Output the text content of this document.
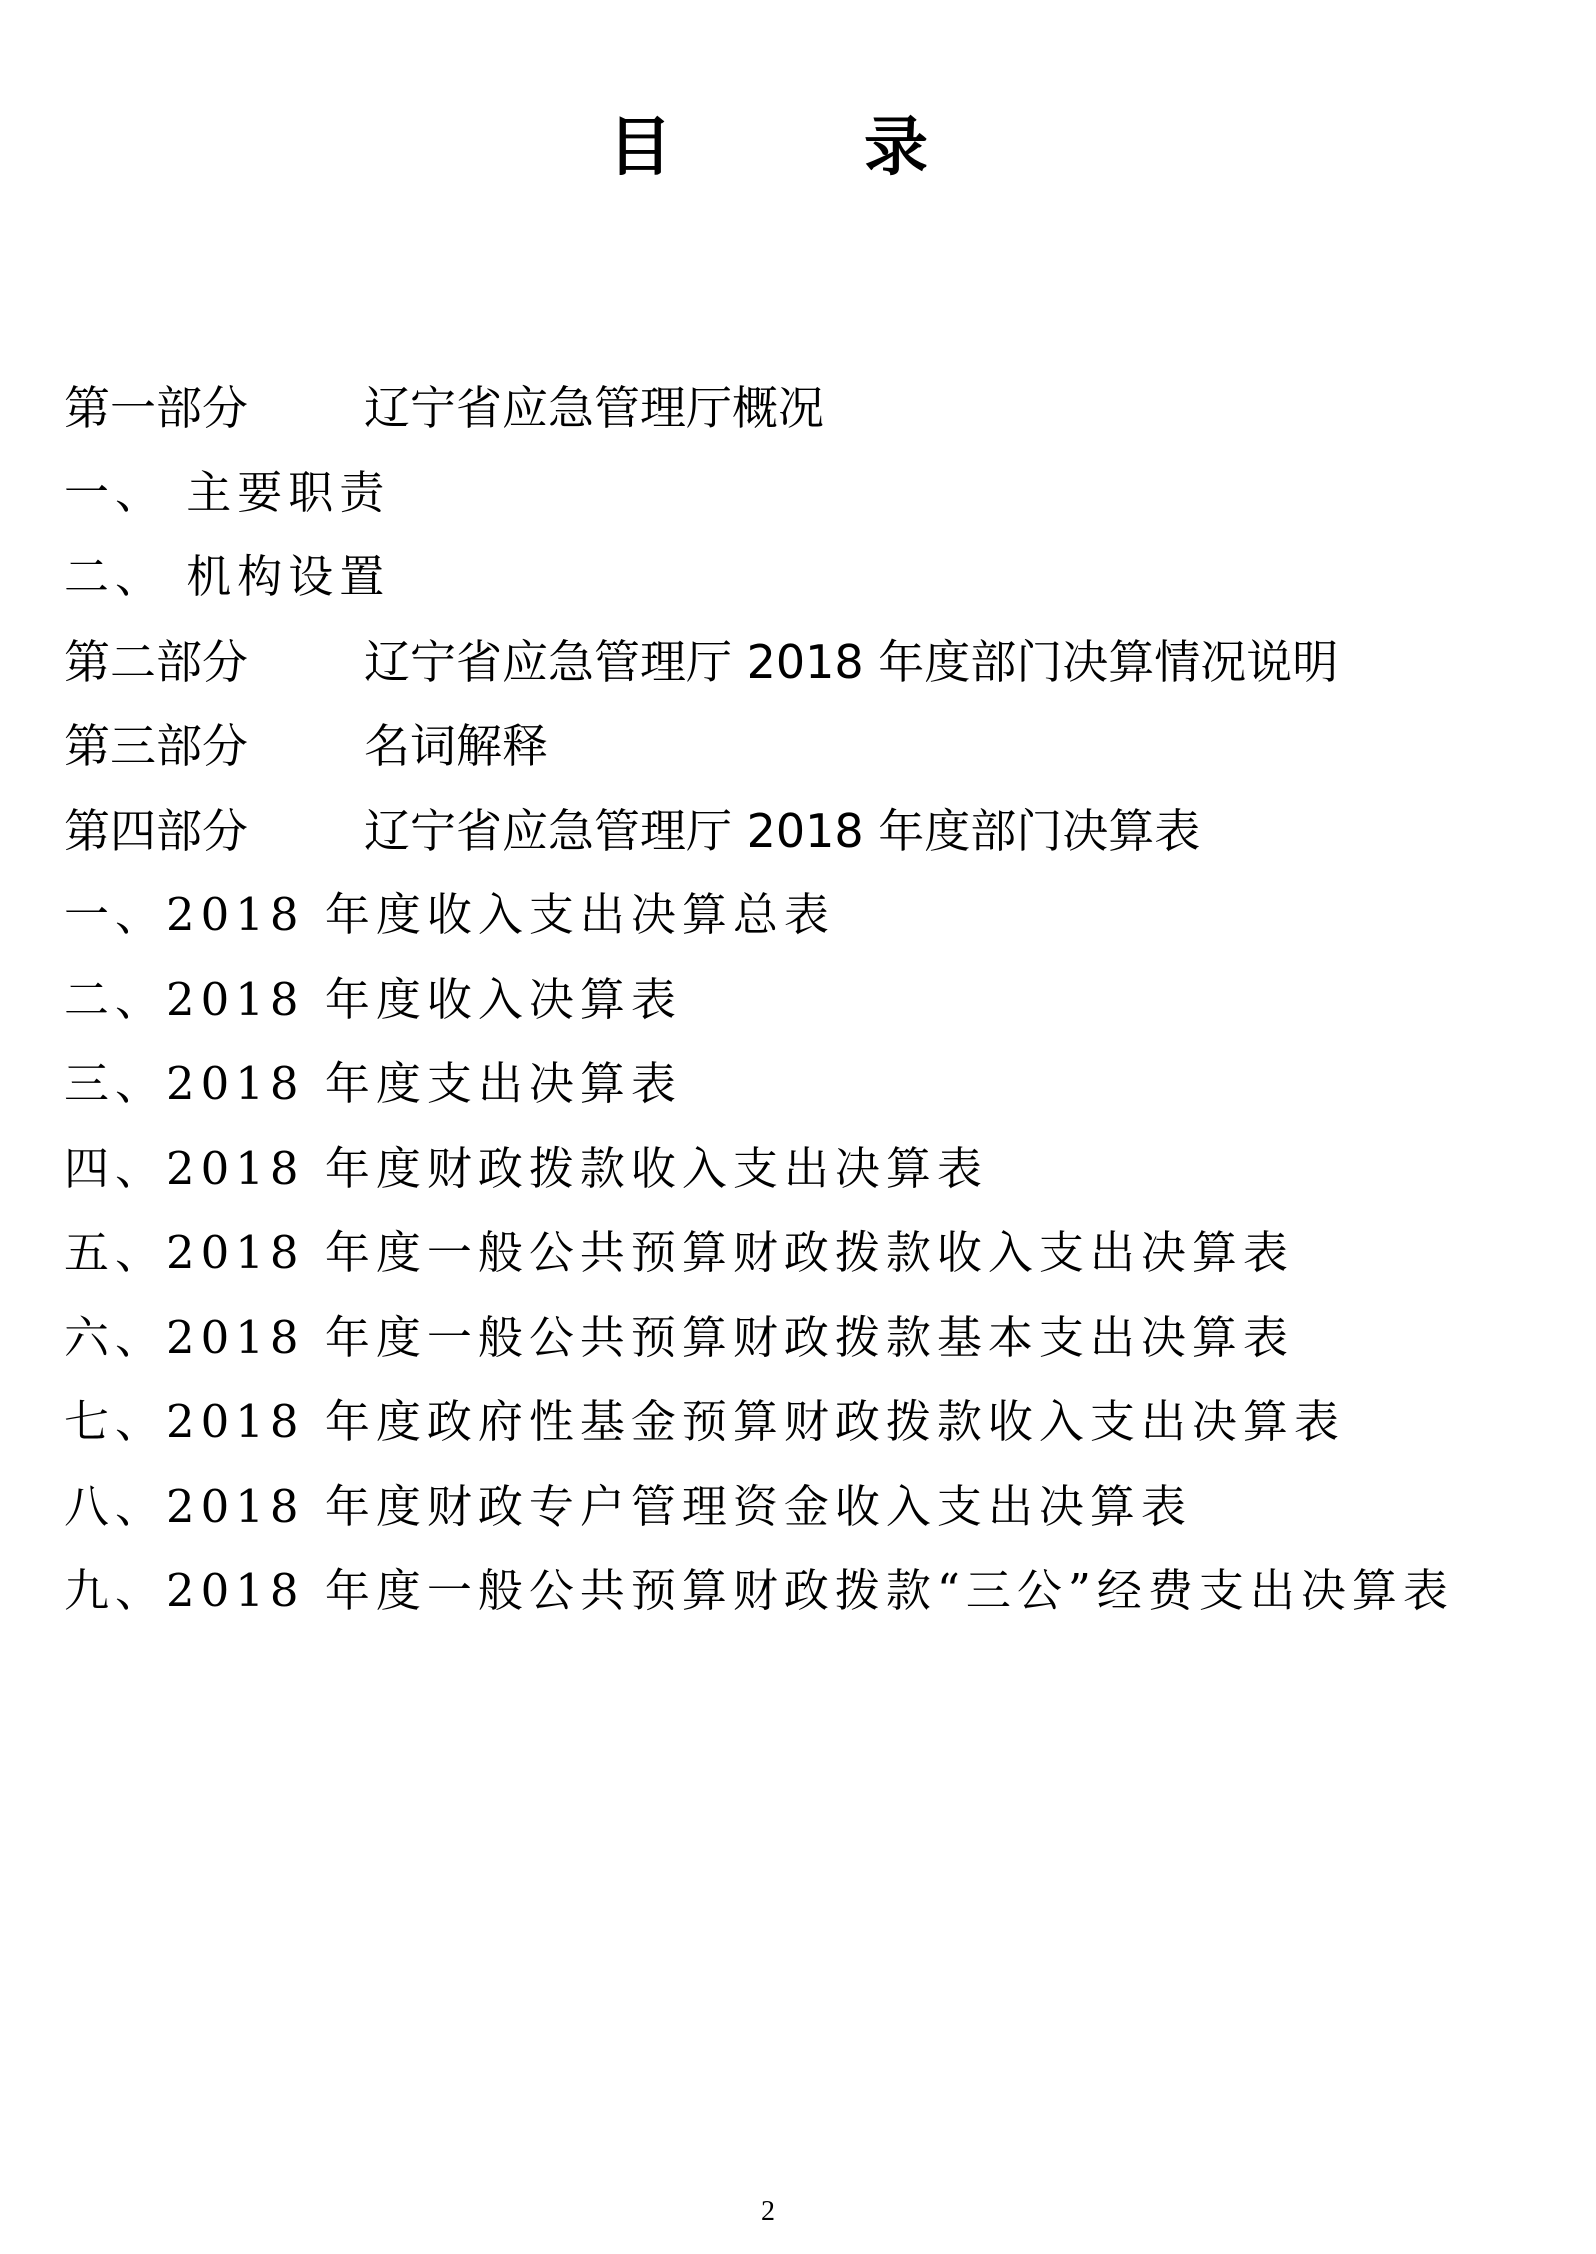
目　　　录
第一部分	辽宁省应急管理厅概况
一、 主要职责
二、 机构设置
第二部分	辽宁省应急管理厅 2018 年度部门决算情况说明
第三部分	名词解释
第四部分	辽宁省应急管理厅 2018 年度部门决算表
一、2018 年度收入支出决算总表
二、2018 年度收入决算表
三、2018 年度支出决算表
四、2018 年度财政拨款收入支出决算表
五、2018 年度一般公共预算财政拨款收入支出决算表
六、2018 年度一般公共预算财政拨款基本支出决算表
七、2018 年度政府性基金预算财政拨款收入支出决算表
八、2018 年度财政专户管理资金收入支出决算表
九、2018 年度一般公共预算财政拨款“三公”经费支出决算表
2
